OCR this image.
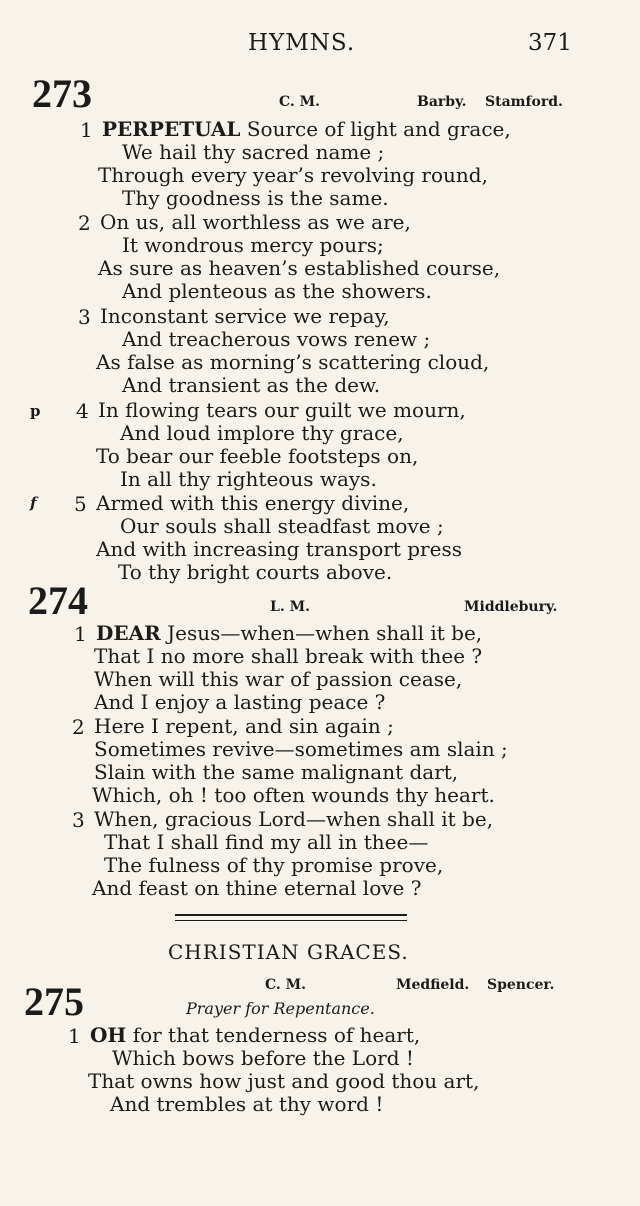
HYMNS.	371
273	C. M.	Barby. Stamford.
1 PERPETUAL Source of light and grace,
We hail thy sacred name ;
Through every year’s revolving round,
Thy goodness is the same.
2 On us, all worthless as we are,
It wondrous mercy pours;
As sure as heaven’s established course,
And plenteous as the showers.
3 Inconstant service we repay,
And treacherous vows renew ;
As false as morning’s scattering cloud,
And transient as the dew.
p 4 In flowing tears our guilt we mourn,
And loud implore thy grace,
To bear our feeble footsteps on,
In all thy righteous ways.
f 5 Armed with this energy divine,
Our souls shall steadfast move ;
And with increasing transport press
To thy bright courts above.
274	L. M.	Middlebury.
1 DEAR Jesus—when—when shall it be,
That I no more shall break with thee ?
When will this war of passion cease,
And I enjoy a lasting peace ?
2 Here I repent, and sin again ;
Sometimes revive—sometimes am slain ;
Slain with the same malignant dart,
Which, oh ! too often wounds thy heart.
3 When, gracious Lord—when shall it be,
That I shall find my all in thee—
The fulness of thy promise prove,
And feast on thine eternal love ?
CHRISTIAN GRACES.
275	C. M.	Medfield. Spencer.
Prayer for Repentance.
1 OH for that tenderness of heart,
Which bows before the Lord !
That owns how just and good thou art,
And trembles at thy word !
